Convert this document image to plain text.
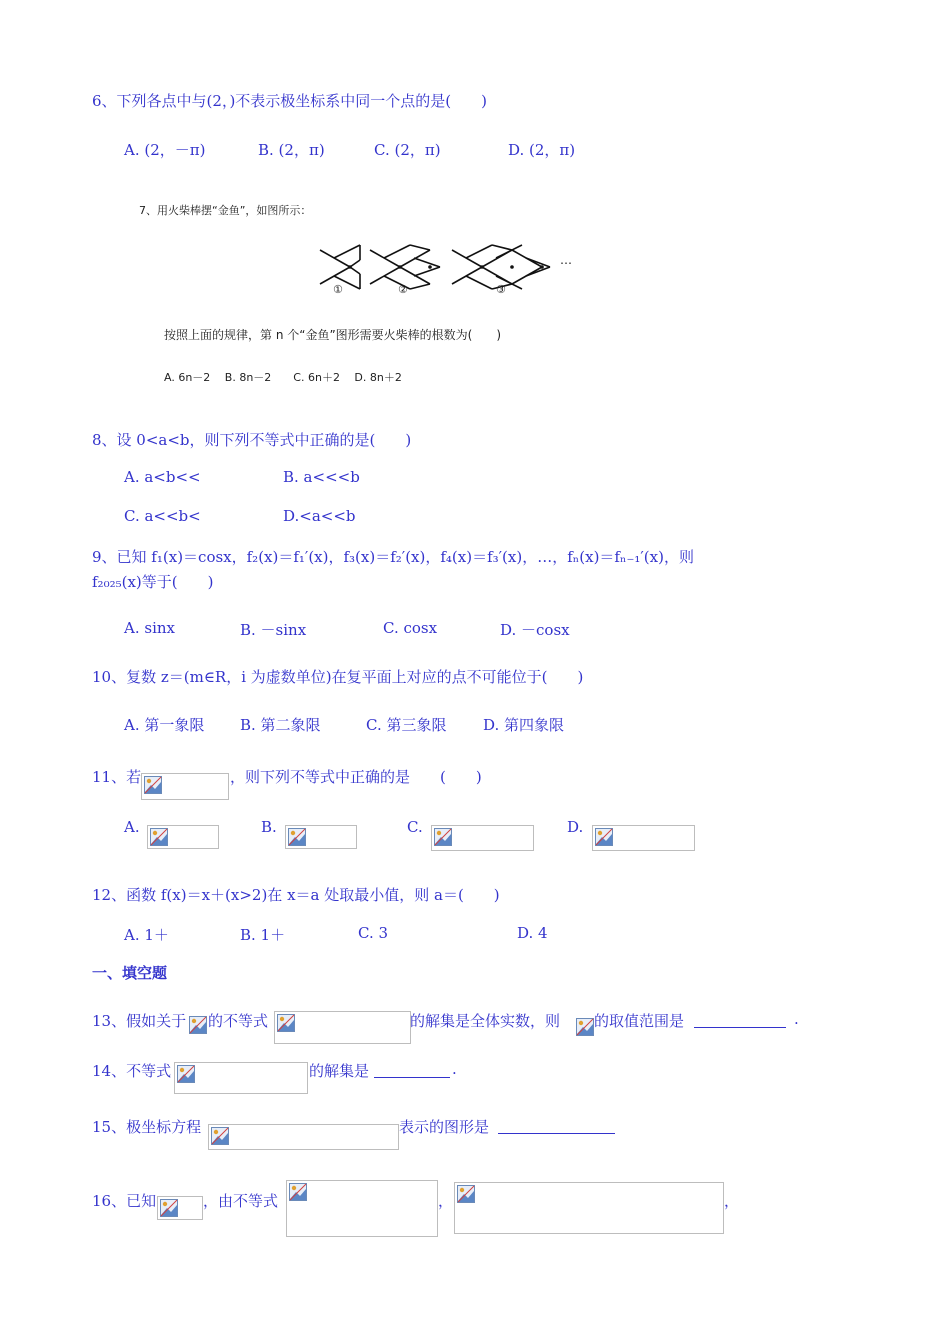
6、下列各点中与(2，)不表示极坐标系中同一个点的是(　　)
A. (2，－π)	B. (2，π)	C. (2，π)	D. (2，π)
7、用火柴棒摆“金鱼”，如图所示：
…
①	②	③
按照上面的规律，第 n 个“金鱼”图形需要火柴棒的根数为(　　)
A. 6n－2　 B. 8n－2　　C. 6n＋2　 D. 8n＋2
8、设 0<a<b，则下列不等式中正确的是(　　)
A. a<b<<	B. a<<<b
C. a<<b<	D.<a<<b
9、已知 f₁(x)＝cosx，f₂(x)＝f₁′(x)，f₃(x)＝f₂′(x)，f₄(x)＝f₃′(x)，…，fₙ(x)＝fₙ₋₁′(x)，则
f₂₀₂₅(x)等于(　　)
A. sinx	B. －sinx	C. cosx	D. －cosx
10、复数 z＝(m∈R，i 为虚数单位)在复平面上对应的点不可能位于(　　)
A. 第一象限 B. 第二象限	C. 第三象限 D. 第四象限
11、若	，则下列不等式中正确的是　　(　　)
A.	B.	C.	D.
12、函数 f(x)＝x＋(x>2)在 x＝a 处取最小值，则 a＝(　　)
A. 1＋	B. 1＋	C. 3	D. 4
一、填空题
13、假如关于 的不等式	的解集是全体实数，则 的取值范围是	.
14、不等式	的解集是	.
15、极坐标方程	表示的图形是
16、已知	，由不等式	，	，
